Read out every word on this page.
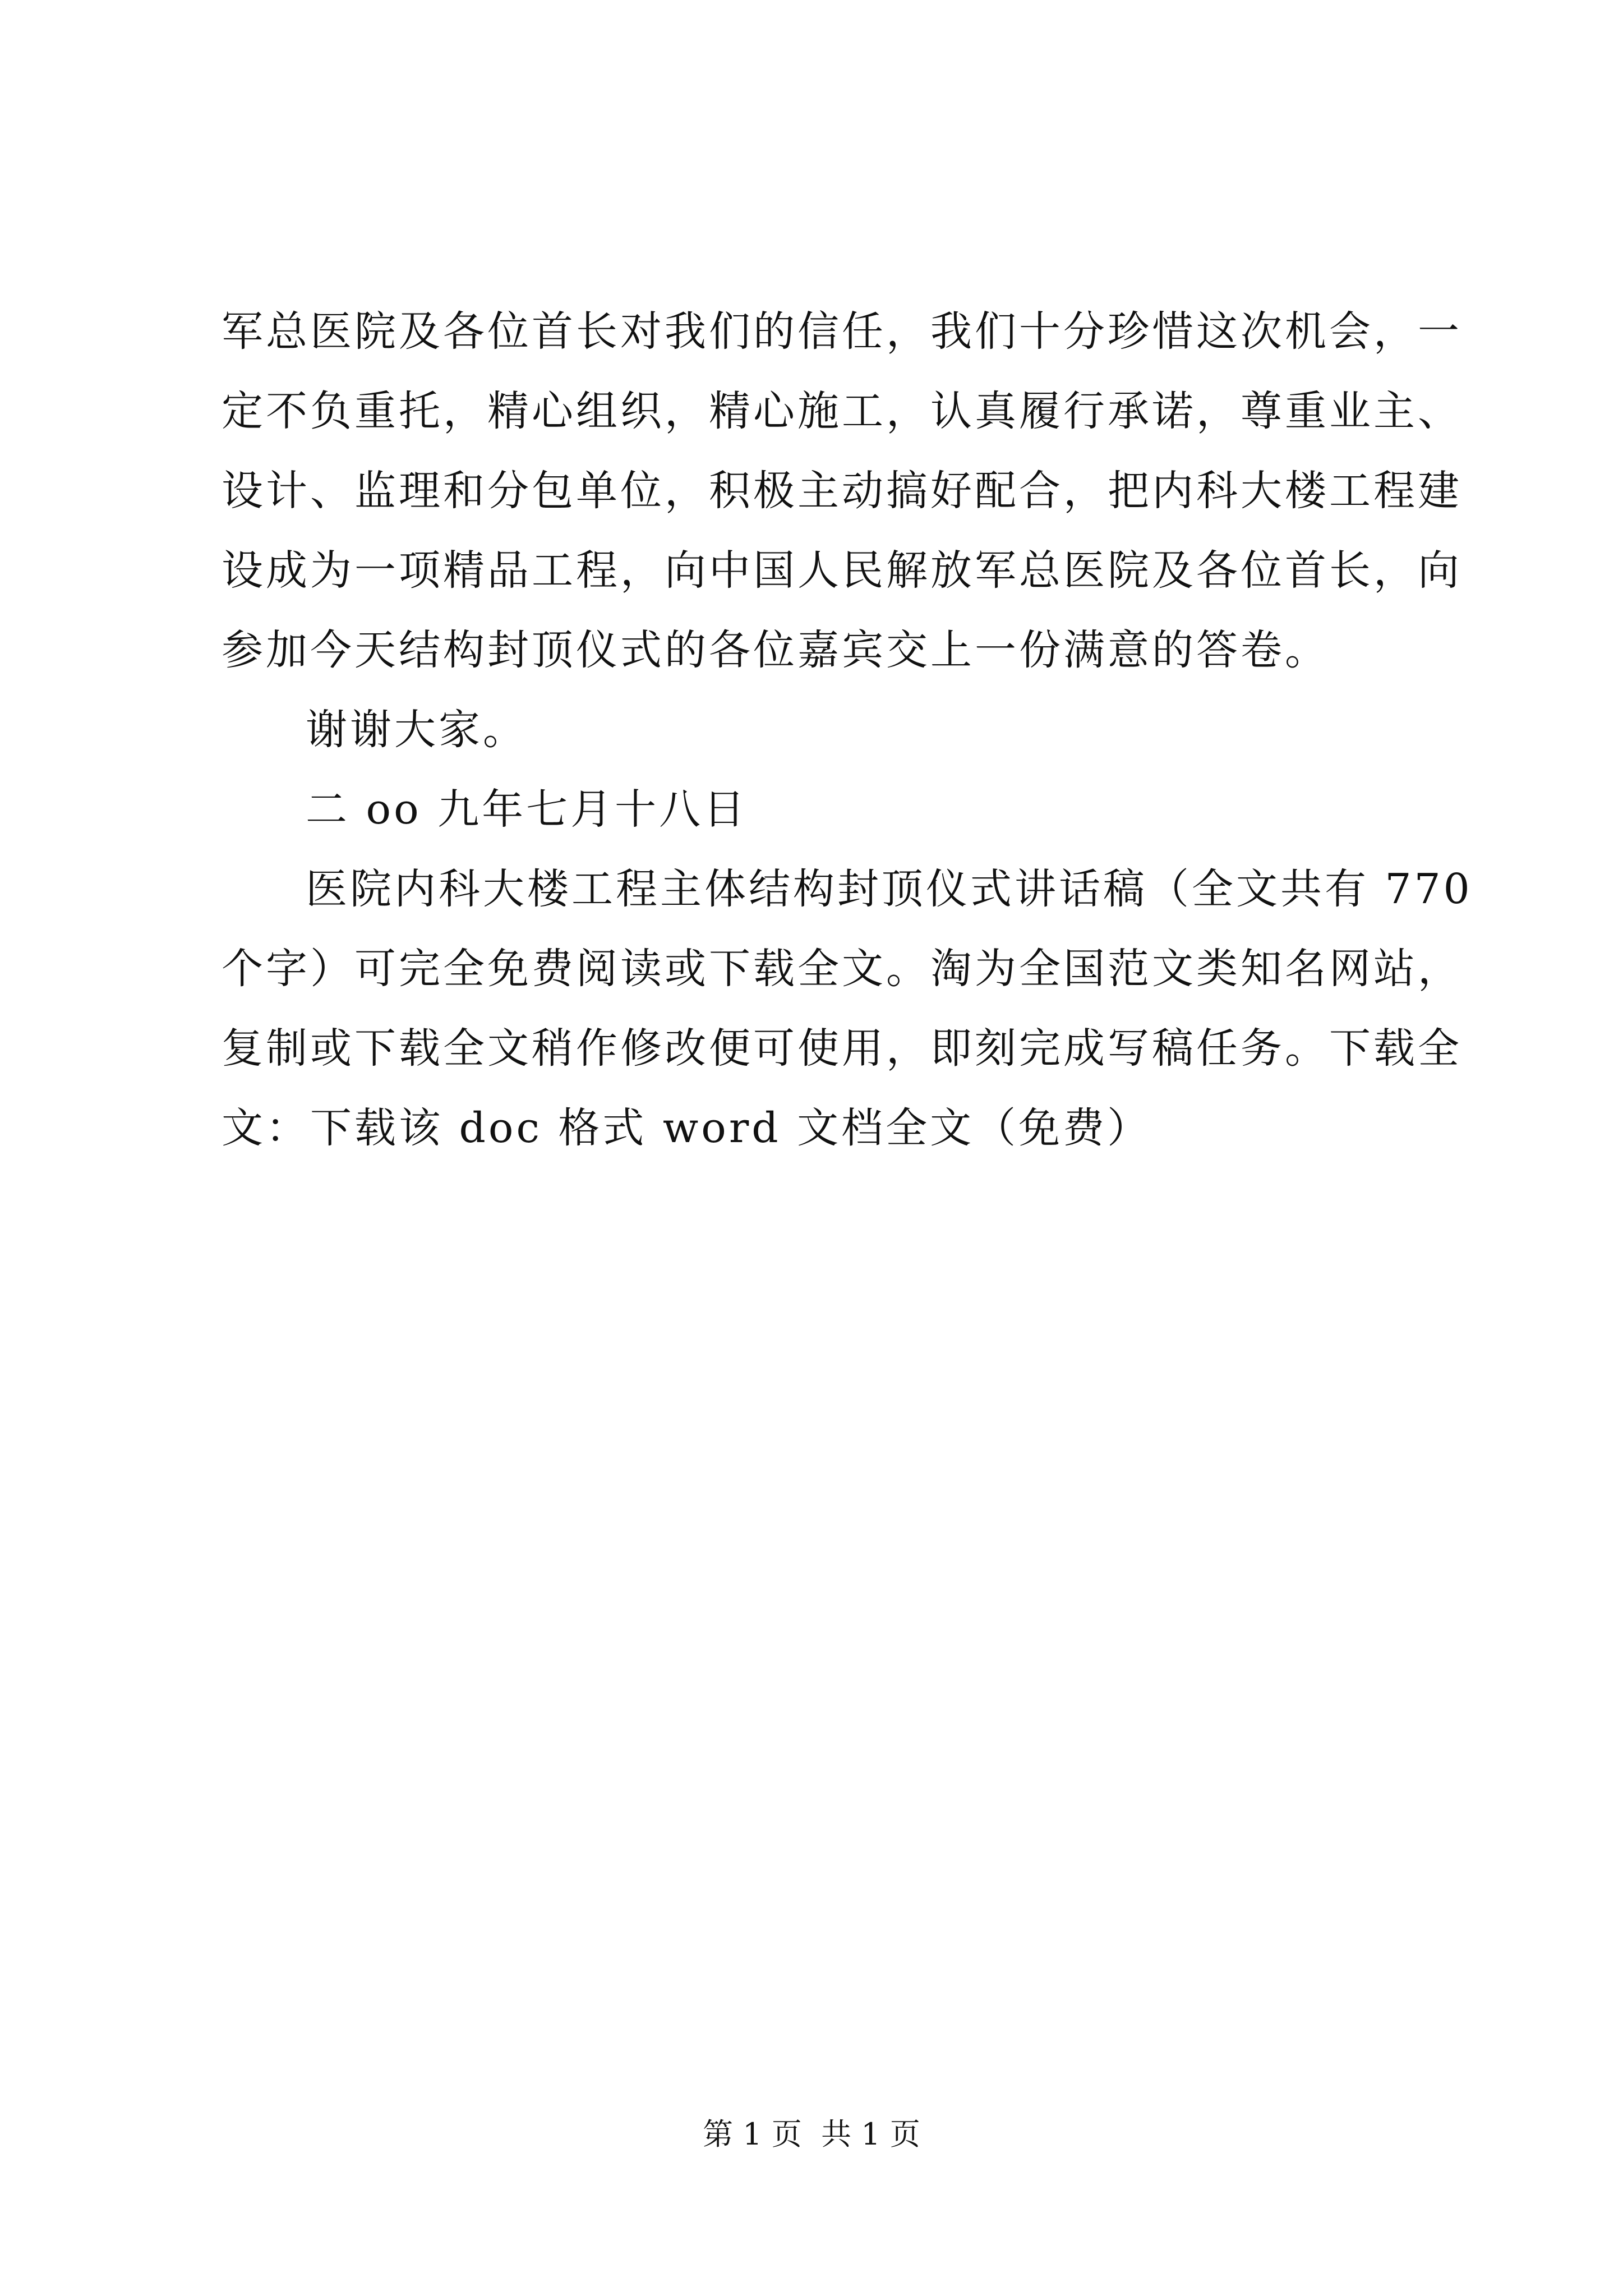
军总医院及各位首长对我们的信任，我们十分珍惜这次机会，一
定不负重托，精心组织，精心施工，认真履行承诺，尊重业主、
设计、监理和分包单位，积极主动搞好配合，把内科大楼工程建
设成为一项精品工程，向中国人民解放军总医院及各位首长，向
参加今天结构封顶仪式的各位嘉宾交上一份满意的答卷。
谢谢大家。
二 oo 九年七月十八日
医院内科大楼工程主体结构封顶仪式讲话稿（全文共有 770
个字）可完全免费阅读或下载全文。淘为全国范文类知名网站，
复制或下载全文稍作修改便可使用，即刻完成写稿任务。下载全
文：下载该 doc 格式 word 文档全文（免费）
第 1 页  共 1 页
